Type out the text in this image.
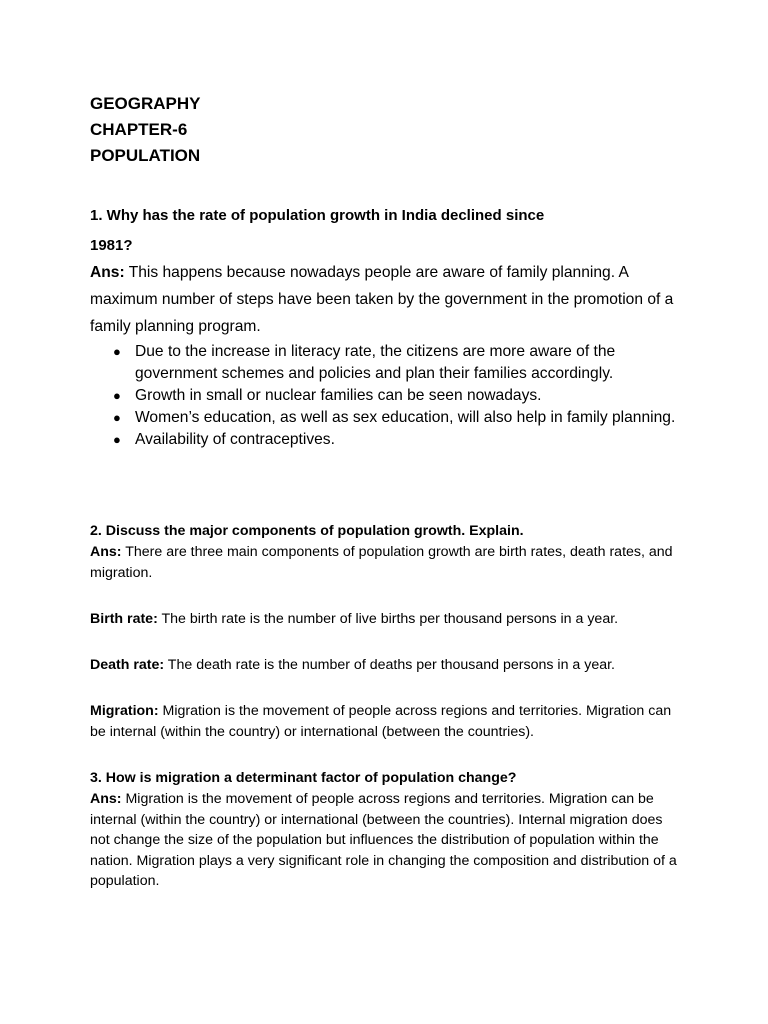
GEOGRAPHY
CHAPTER-6
POPULATION
1. Why has the rate of population growth in India declined since
1981?
Ans: This happens because nowadays people are aware of family planning. A maximum number of steps have been taken by the government in the promotion of a family planning program.
● Due to the increase in literacy rate, the citizens are more aware of the government schemes and policies and plan their families accordingly.
● Growth in small or nuclear families can be seen nowadays.
● Women’s education, as well as sex education, will also help in family planning.
● Availability of contraceptives.
2. Discuss the major components of population growth. Explain.
Ans: There are three main components of population growth are birth rates, death rates, and migration.
Birth rate: The birth rate is the number of live births per thousand persons in a year.
Death rate: The death rate is the number of deaths per thousand persons in a year.
Migration: Migration is the movement of people across regions and territories. Migration can be internal (within the country) or international (between the countries).
3. How is migration a determinant factor of population change?
Ans: Migration is the movement of people across regions and territories. Migration can be internal (within the country) or international (between the countries). Internal migration does not change the size of the population but influences the distribution of population within the nation. Migration plays a very significant role in changing the composition and distribution of a population.
